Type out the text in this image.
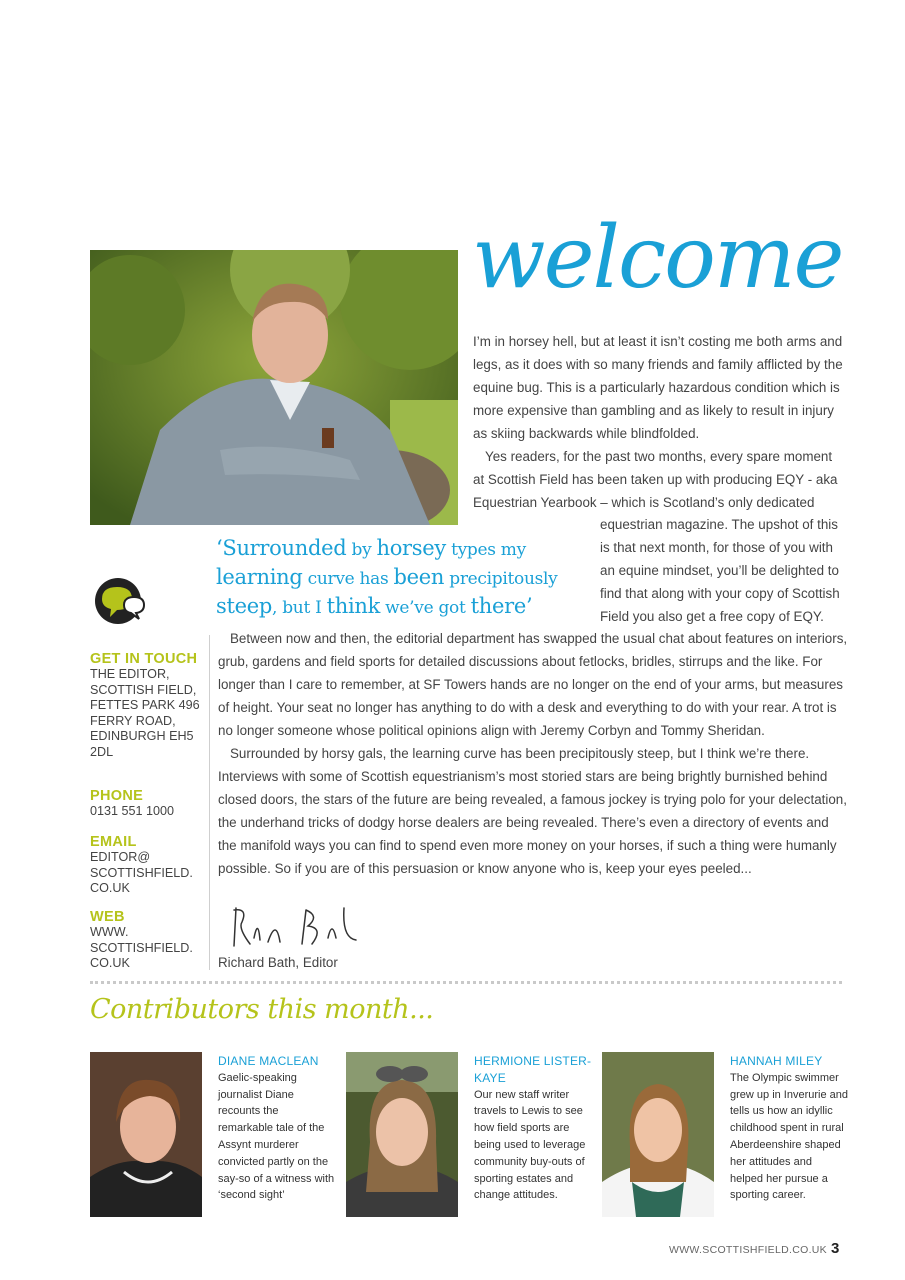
welcome

I’m in horsey hell, but at least it isn’t costing me both arms and legs, as it does with so many friends and family afflicted by the equine bug. This is a particularly hazardous condition which is more expensive than gambling and as likely to result in injury as skiing backwards while blindfolded.

Yes readers, for the past two months, every spare moment at Scottish Field has been taken up with producing EQY - aka Equestrian Yearbook – which is Scotland’s only dedicated

equestrian magazine. The upshot of this is that next month, for those of you with an equine mindset, you’ll be delighted to find that along with your copy of Scottish Field you also get a free copy of EQY.
‘Surrounded by horsey types my
learning curve has been precipitously
steep, but I think we’ve got there’
GET IN TOUCH
THE EDITOR, SCOTTISH FIELD, FETTES PARK 496 FERRY ROAD, EDINBURGH EH5 2DL
PHONE
0131 551 1000
EMAIL
EDITOR@ SCOTTISHFIELD. CO.UK
WEB
WWW. SCOTTISHFIELD. CO.UK

Between now and then, the editorial department has swapped the usual chat about features on interiors, grub, gardens and field sports for detailed discussions about fetlocks, bridles, stirrups and the like. For longer than I care to remember, at SF Towers hands are no longer on the end of your arms, but measures of height. Your seat no longer has anything to do with a desk and everything to do with your rear. A trot is no longer someone whose political opinions align with Jeremy Corbyn and Tommy Sheridan.

Surrounded by horsy gals, the learning curve has been precipitously steep, but I think we’re there. Interviews with some of Scottish equestrianism’s most storied stars are being brightly burnished behind closed doors, the stars of the future are being revealed, a famous jockey is trying polo for your delectation, the underhand tricks of dodgy horse dealers are being revealed. There’s even a directory of events and the manifold ways you can find to spend even more money on your horses, if such a thing were humanly possible. So if you are of this persuasion or know anyone who is, keep your eyes peeled...

Richard Bath, Editor
Contributors this month...
DIANE MACLEAN
Gaelic-speaking journalist Diane recounts the remarkable tale of the Assynt murderer convicted partly on the say-so of a witness with ‘second sight’
HERMIONE LISTER-KAYE
Our new staff writer travels to Lewis to see how field sports are being used to leverage community buy-outs of sporting estates and change attitudes.
HANNAH MILEY
The Olympic swimmer grew up in Inverurie and tells us how an idyllic childhood spent in rural Aberdeenshire shaped her attitudes and helped her pursue a sporting career.
WWW.SCOTTISHFIELD.CO.UK 3
